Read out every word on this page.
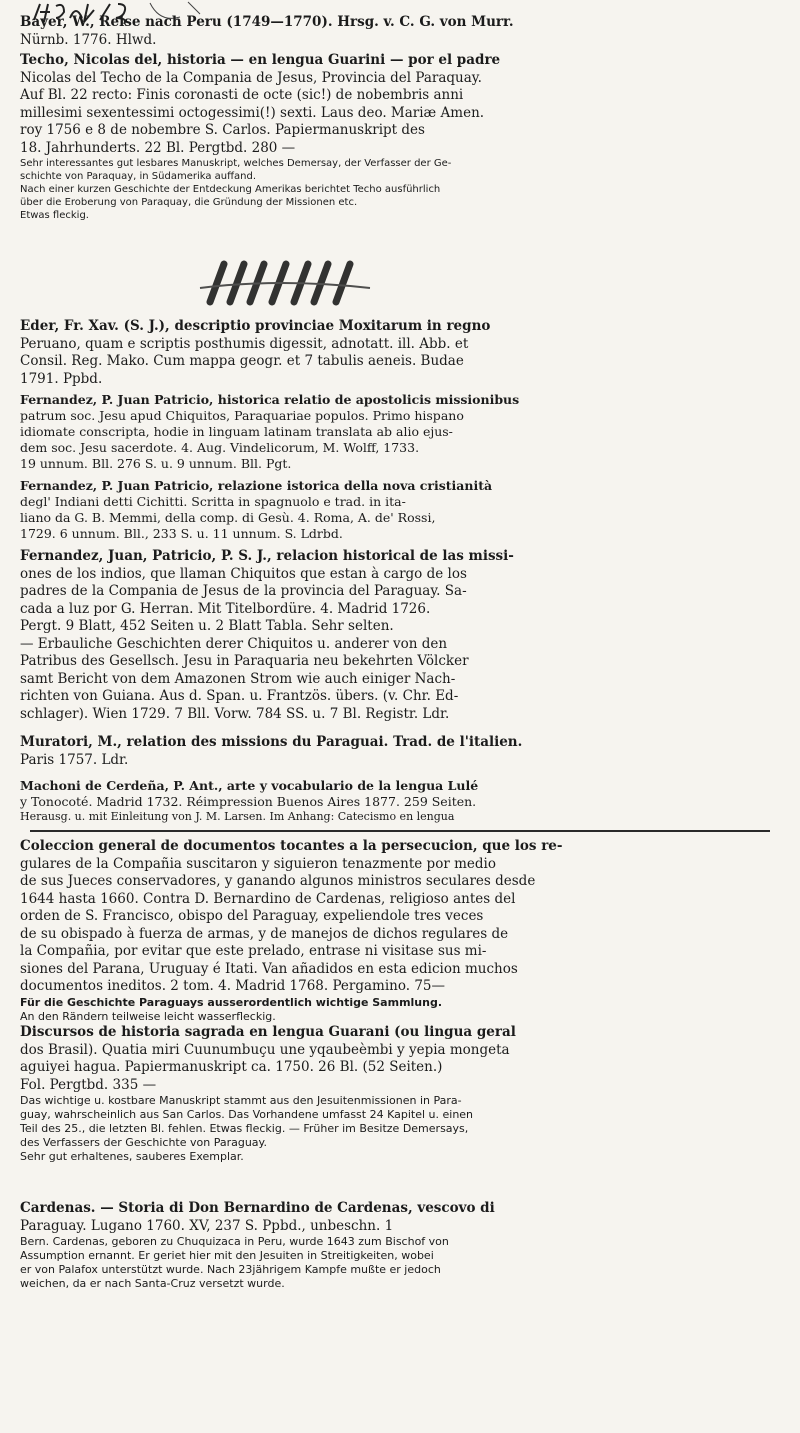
Bayer, W., Reise nach Peru (1749—1770). Hrsg. v. C. G. von Murr.

Nürnb. 1776. Hlwd.

Techo, Nicolas del, historia — en lengua Guarini — por el padre

Nicolas del Techo de la Compania de Jesus, Provincia del Paraquay.

Auf Bl. 22 recto: Finis coronasti de octe (sic!) de nobembris anni

millesimi sexentessimi octogessimi(!) sexti. Laus deo. Mariæ Amen.

roy 1756 e 8 de nobembre S. Carlos. Papiermanuskript des

18. Jahrhunderts. 22 Bl. Pergtbd. 280 —

Sehr interessantes gut lesbares Manuskript, welches Demersay, der Verfasser der Ge-

schichte von Paraquay, in Südamerika auffand.

Nach einer kurzen Geschichte der Entdeckung Amerikas berichtet Techo ausführlich

über die Eroberung von Paraquay, die Gründung der Missionen etc.

Etwas fleckig.

Eder, Fr. Xav. (S. J.), descriptio provinciae Moxitarum in regno

Peruano, quam e scriptis posthumis digessit, adnotatt. ill. Abb. et

Consil. Reg. Mako. Cum mappa geogr. et 7 tabulis aeneis. Budae

1791. Ppbd.

Fernandez, P. Juan Patricio, historica relatio de apostolicis missionibus

patrum soc. Jesu apud Chiquitos, Paraquariae populos. Primo hispano

idiomate conscripta, hodie in linguam latinam translata ab alio ejus-

dem soc. Jesu sacerdote. 4. Aug. Vindelicorum, M. Wolff, 1733.

19 unnum. Bll. 276 S. u. 9 unnum. Bll. Pgt.

Fernandez, P. Juan Patricio, relazione istorica della nova cristianità

degl' Indiani detti Cichitti. Scritta in spagnuolo e trad. in ita-

liano da G. B. Memmi, della comp. di Gesù. 4. Roma, A. de' Rossi,

1729. 6 unnum. Bll., 233 S. u. 11 unnum. S. Ldrbd.

Fernandez, Juan, Patricio, P. S. J., relacion historical de las missi-

ones de los indios, que llaman Chiquitos que estan à cargo de los

padres de la Compania de Jesus de la provincia del Paraguay. Sa-

cada a luz por G. Herran. Mit Titelbordüre. 4. Madrid 1726.

Pergt. 9 Blatt, 452 Seiten u. 2 Blatt Tabla. Sehr selten.

— Erbauliche Geschichten derer Chiquitos u. anderer von den

Patribus des Gesellsch. Jesu in Paraquaria neu bekehrten Völcker

samt Bericht von dem Amazonen Strom wie auch einiger Nach-

richten von Guiana. Aus d. Span. u. Frantzös. übers. (v. Chr. Ed-

schlager). Wien 1729. 7 Bll. Vorw. 784 SS. u. 7 Bl. Registr. Ldr.

Muratori, M., relation des missions du Paraguai. Trad. de l'italien.

Paris 1757. Ldr.

Machoni de Cerdeña, P. Ant., arte y vocabulario de la lengua Lulé

y Tonocoté. Madrid 1732. Réimpression Buenos Aires 1877. 259 Seiten.

Herausg. u. mit Einleitung von J. M. Larsen. Im Anhang: Catecismo en lengua

Coleccion general de documentos tocantes a la persecucion, que los re-

gulares de la Compañia suscitaron y siguieron tenazmente por medio

de sus Jueces conservadores, y ganando algunos ministros seculares desde

1644 hasta 1660. Contra D. Bernardino de Cardenas, religioso antes del

orden de S. Francisco, obispo del Paraguay, expeliendole tres veces

de su obispado à fuerza de armas, y de manejos de dichos regulares de

la Compañia, por evitar que este prelado, entrase ni visitase sus mi-

siones del Parana, Uruguay é Itati. Van añadidos en esta edicion muchos

documentos ineditos. 2 tom. 4. Madrid 1768. Pergamino. 75—

Für die Geschichte Paraguays ausserordentlich wichtige Sammlung.

An den Rändern teilweise leicht wasserfleckig.

Discursos de historia sagrada en lengua Guarani (ou lingua geral

dos Brasil). Quatia miri Cuunumbuçu une yqaubeèmbi y yepia mongeta

aguiyei hagua. Papiermanuskript ca. 1750. 26 Bl. (52 Seiten.)

Fol. Pergtbd. 335 —

Das wichtige u. kostbare Manuskript stammt aus den Jesuitenmissionen in Para-

guay, wahrscheinlich aus San Carlos. Das Vorhandene umfasst 24 Kapitel u. einen

Teil des 25., die letzten Bl. fehlen. Etwas fleckig. — Früher im Besitze Demersays,

des Verfassers der Geschichte von Paraguay.

Sehr gut erhaltenes, sauberes Exemplar.

Cardenas. — Storia di Don Bernardino de Cardenas, vescovo di

Paraguay. Lugano 1760. XV, 237 S. Ppbd., unbeschn. 1

Bern. Cardenas, geboren zu Chuquizaca in Peru, wurde 1643 zum Bischof von

Assumption ernannt. Er geriet hier mit den Jesuiten in Streitigkeiten, wobei

er von Palafox unterstützt wurde. Nach 23jährigem Kampfe mußte er jedoch

weichen, da er nach Santa-Cruz versetzt wurde.
